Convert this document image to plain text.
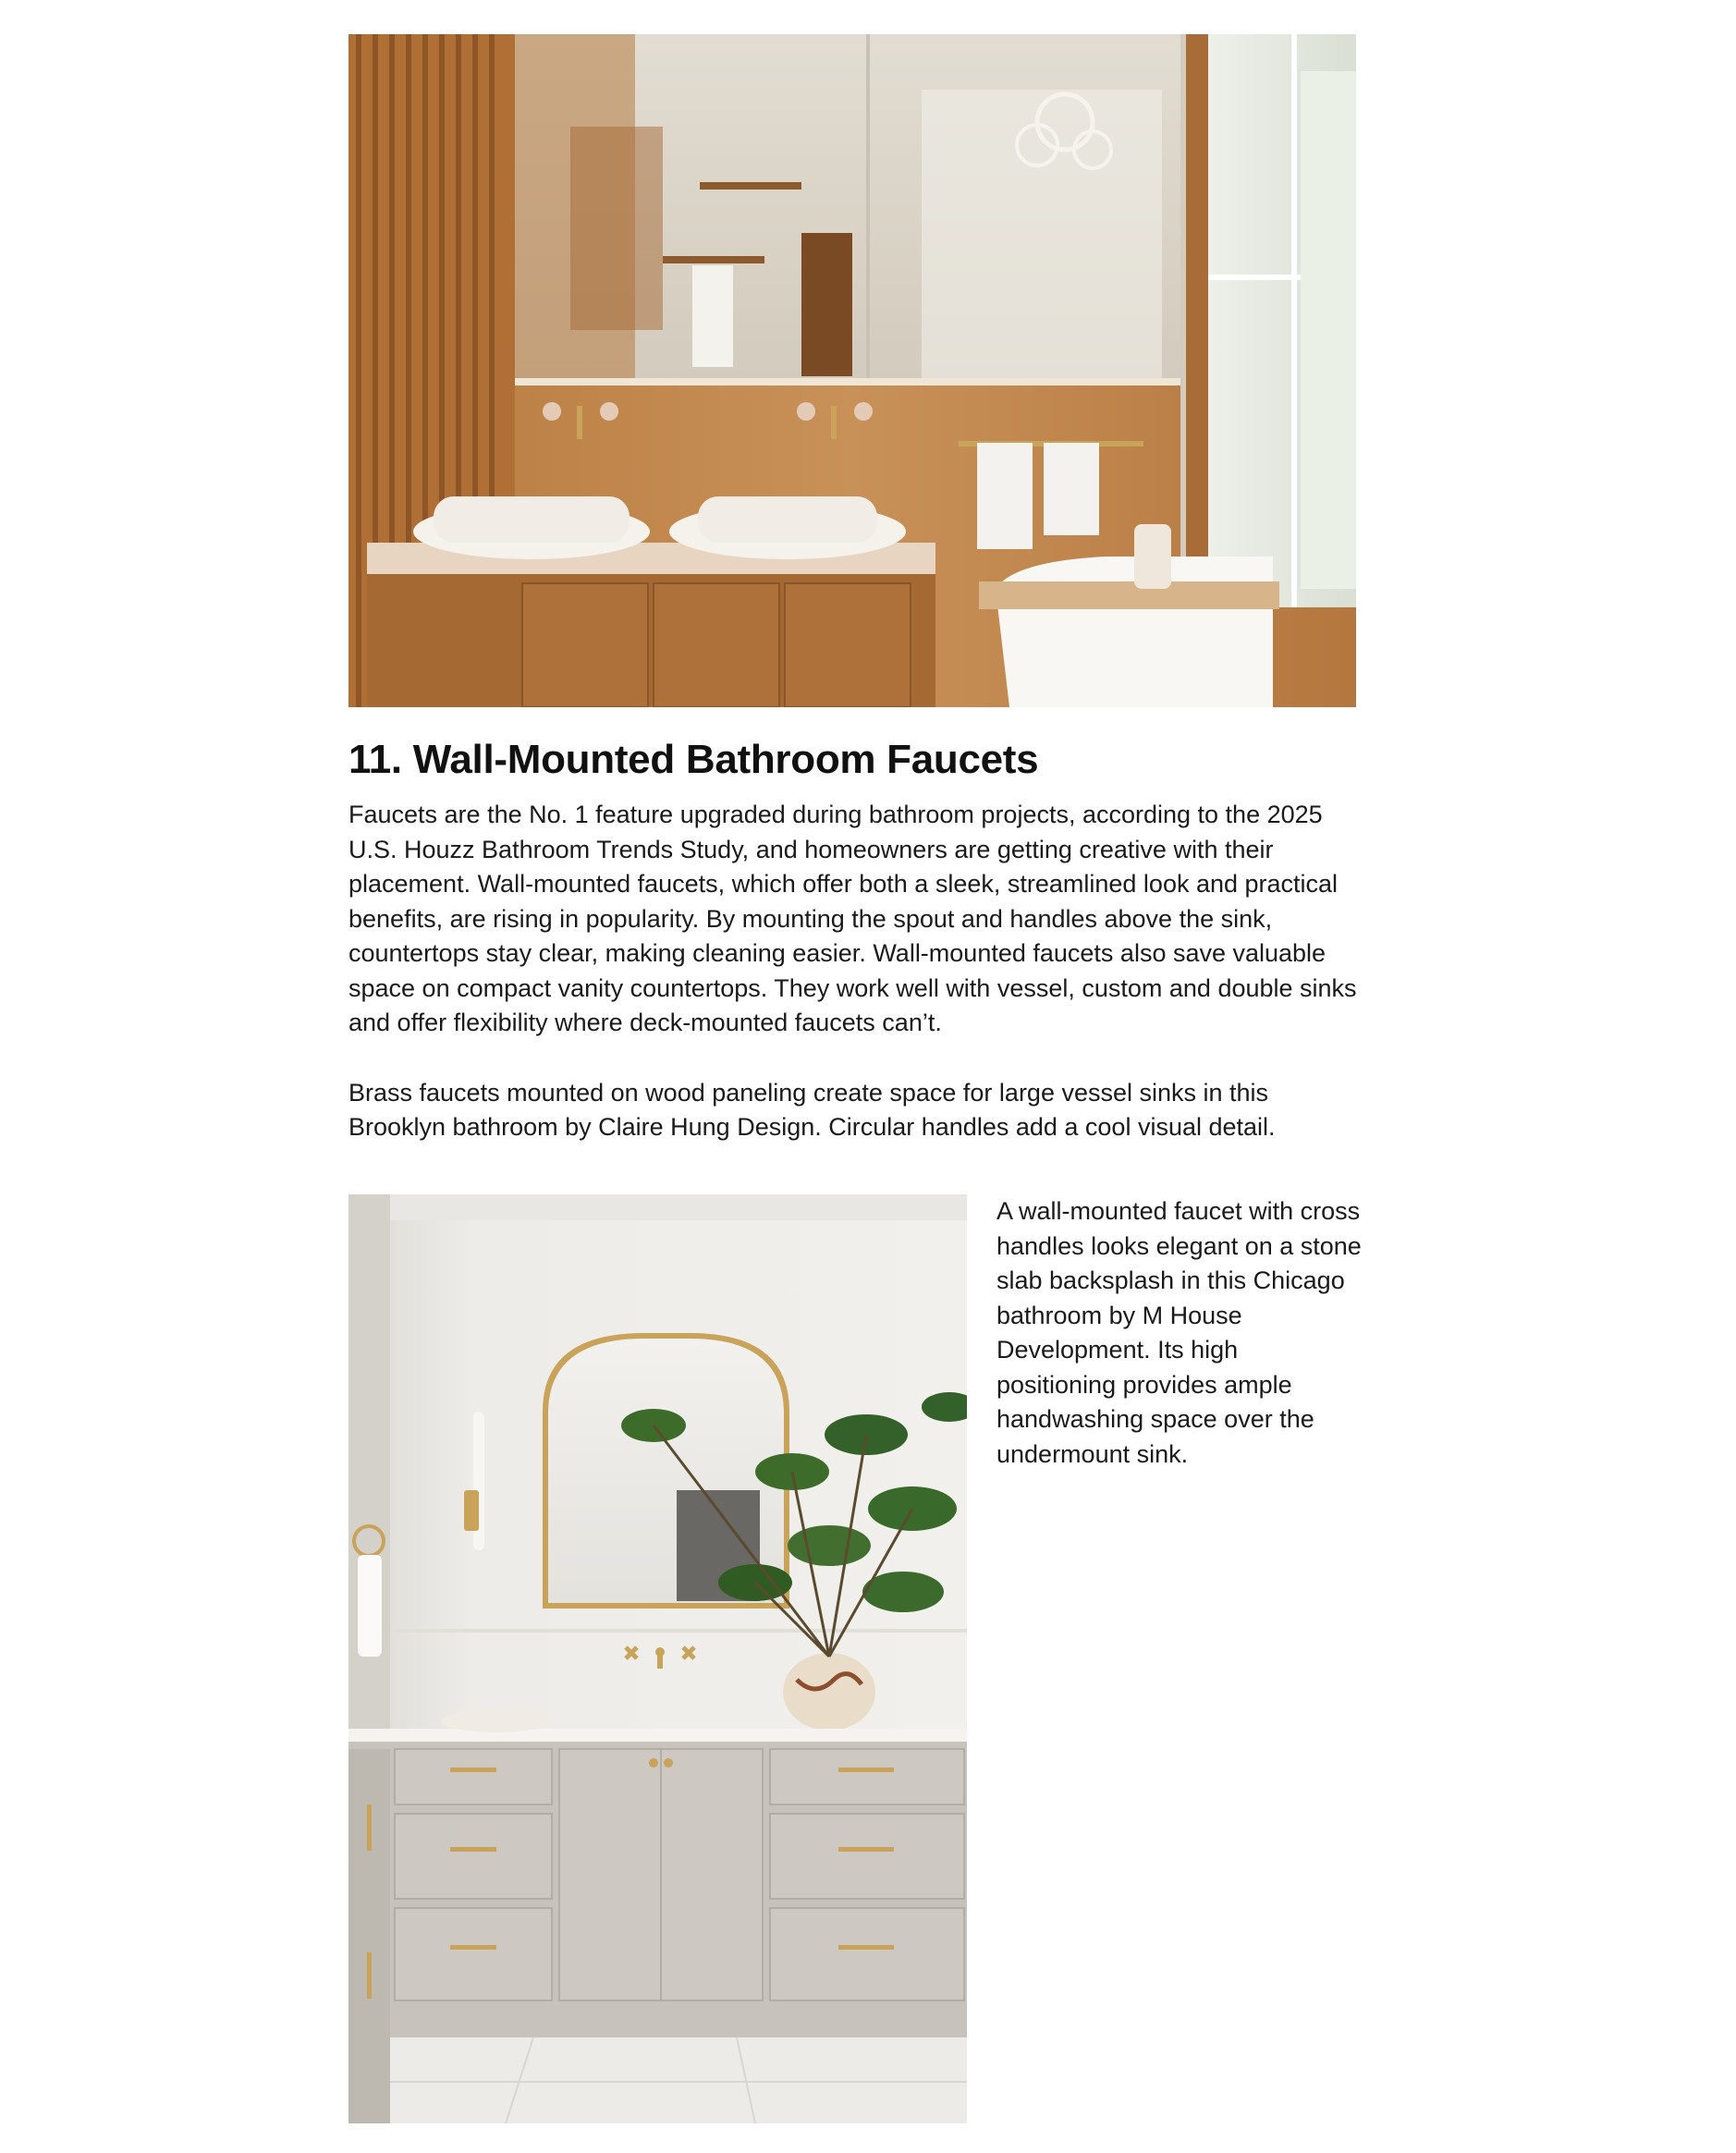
11. Wall-Mounted Bathroom Faucets

Faucets are the No. 1 feature upgraded during bathroom projects, according to the 2025 U.S. Houzz Bathroom Trends Study, and homeowners are getting creative with their placement. Wall-mounted faucets, which offer both a sleek, streamlined look and practical benefits, are rising in popularity. By mounting the spout and handles above the sink, countertops stay clear, making cleaning easier. Wall-mounted faucets also save valuable space on compact vanity countertops. They work well with vessel, custom and double sinks and offer flexibility where deck-mounted faucets can’t.

Brass faucets mounted on wood paneling create space for large vessel sinks in this Brooklyn bathroom by Claire Hung Design. Circular handles add a cool visual detail.

A wall-mounted faucet with cross handles looks elegant on a stone slab backsplash in this Chicago bathroom by M House Development. Its high positioning provides ample handwashing space over the undermount sink.
